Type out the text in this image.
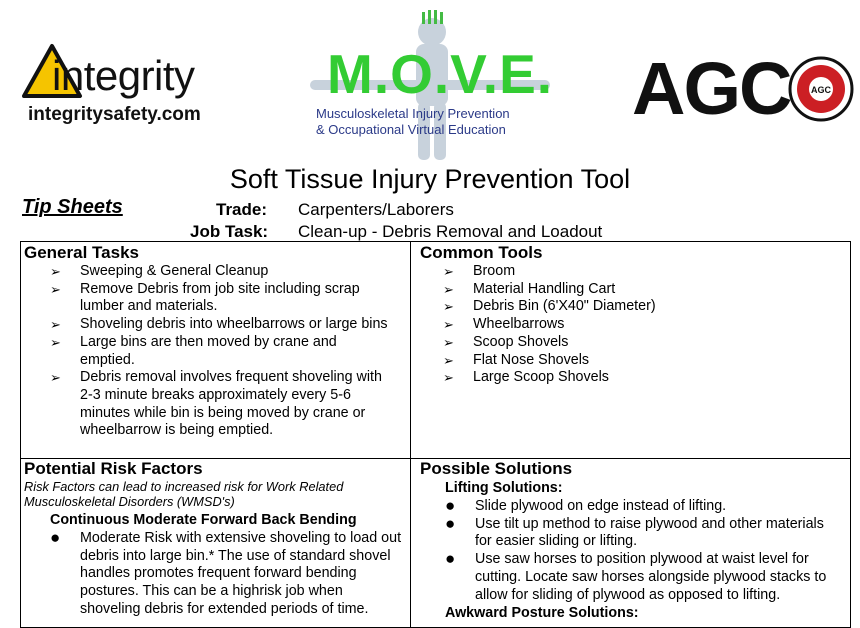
integrity
integritysafety.com
M.O.V.E.
Musculoskeletal Injury Prevention
& Occupational Virtual Education AGC AGC
Soft Tissue Injury Prevention Tool
Tip Sheets	Trade: Carpenters/Laborers
Job Task: Clean-up - Debris Removal and Loadout
General Tasks
➢	Sweeping & General Cleanup
➢	Remove Debris from job site including scrap lumber and materials.
➢	Shoveling debris into wheelbarrows or large bins
➢	Large bins are then moved by crane and emptied.
➢	Debris removal involves frequent shoveling with 2-3 minute breaks approximately every 5-6 minutes while bin is being moved by crane or wheelbarrow is being emptied.
Common Tools
➢	Broom
➢	Material Handling Cart
➢	Debris Bin (6'X40" Diameter)
➢	Wheelbarrows
➢	Scoop Shovels
➢	Flat Nose Shovels
➢	Large Scoop Shovels
Potential Risk Factors
Risk Factors can lead to increased risk for Work Related Musculoskeletal Disorders (WMSD's)
Continuous Moderate Forward Back Bending
●	Moderate Risk with extensive shoveling to load out debris into large bin.* The use of standard shovel handles promotes frequent forward bending postures. This can be a highrisk job when shoveling debris for extended periods of time.
Possible Solutions
Lifting Solutions:
●	Slide plywood on edge instead of lifting.
●	Use tilt up method to raise plywood and other materials for easier sliding or lifting.
●	Use saw horses to position plywood at waist level for cutting. Locate saw horses alongside plywood stacks to allow for sliding of plywood as opposed to lifting.
Awkward Posture Solutions:
